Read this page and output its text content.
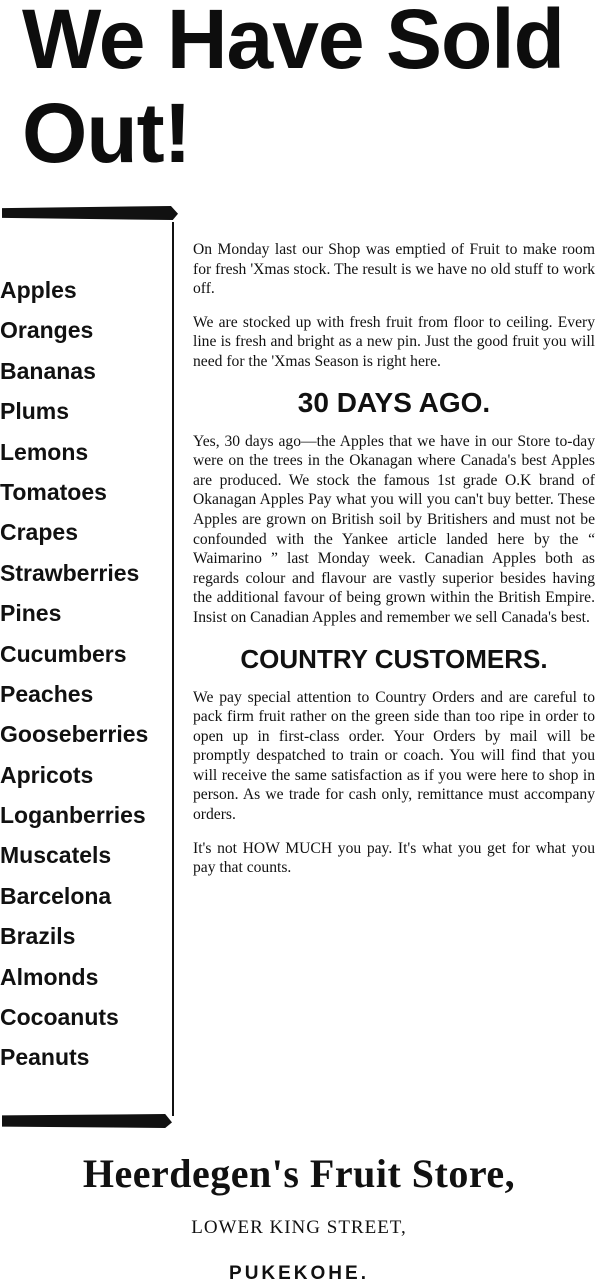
We Have Sold Out!
Apples
Oranges
Bananas
Plums
Lemons
Tomatoes
Crapes
Strawberries
Pines
Cucumbers
Peaches
Gooseberries
Apricots
Loganberries
Muscatels
Barcelona
Brazils
Almonds
Cocoanuts
Peanuts

On Monday last our Shop was emptied of Fruit to make room for fresh 'Xmas stock. The result is we have no old stuff to work off.

We are stocked up with fresh fruit from floor to ceiling. Every line is fresh and bright as a new pin. Just the good fruit you will need for the 'Xmas Season is right here.

30 DAYS AGO.

Yes, 30 days ago—the Apples that we have in our Store to-day were on the trees in the Okanagan where Canada's best Apples are produced. We stock the famous 1st grade O.K brand of Okanagan Apples Pay what you will you can't buy better. These Apples are grown on British soil by Britishers and must not be confounded with the Yankee article landed here by the “ Waimarino ” last Monday week. Canadian Apples both as regards colour and flavour are vastly superior besides having the additional favour of being grown within the British Empire. Insist on Canadian Apples and remember we sell Canada's best.

COUNTRY CUSTOMERS.

We pay special attention to Country Orders and are careful to pack firm fruit rather on the green side than too ripe in order to open up in first-class order. Your Orders by mail will be promptly despatched to train or coach. You will find that you will receive the same satisfaction as if you were here to shop in person. As we trade for cash only, remittance must accompany orders.

It's not HOW MUCH you pay. It's what you get for what you pay that counts.

Heerdegen's Fruit Store,
LOWER KING STREET,
PUKEKOHE.
